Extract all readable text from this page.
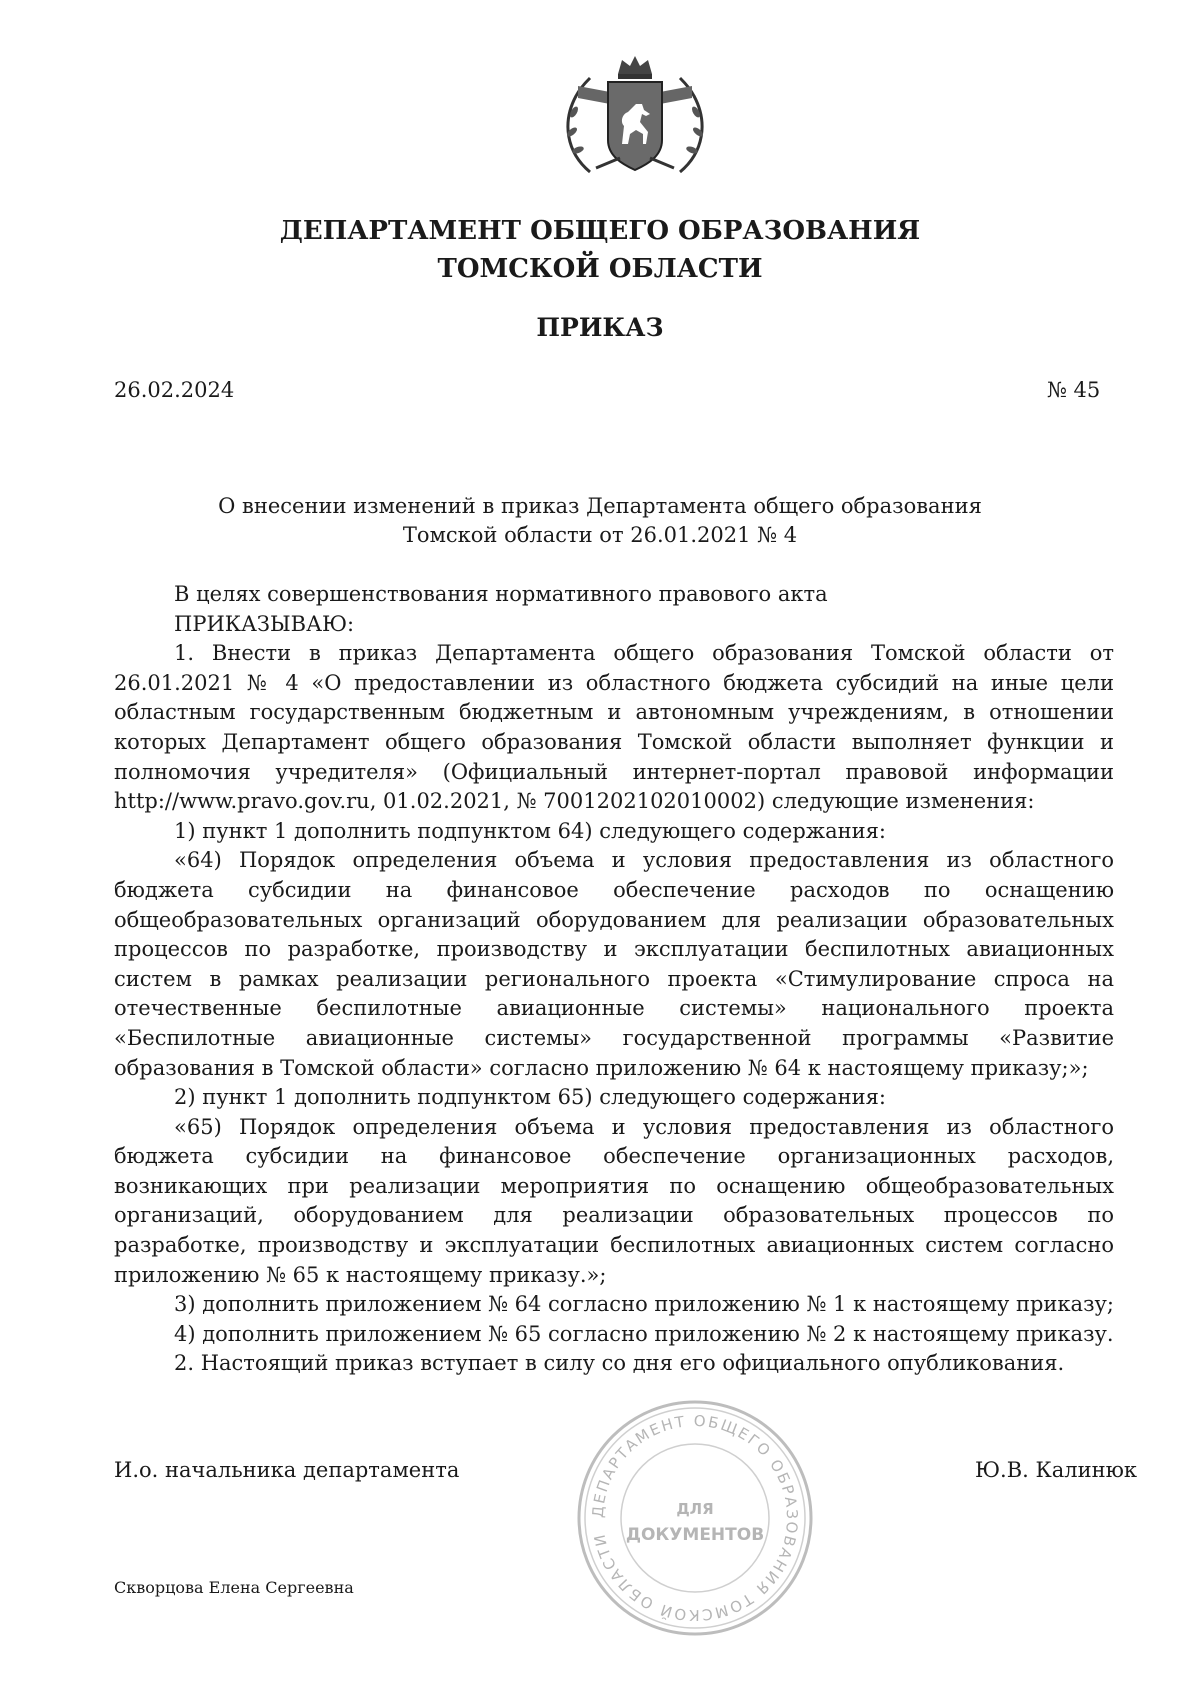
ДЕПАРТАМЕНТ ОБЩЕГО ОБРАЗОВАНИЯ
ТОМСКОЙ ОБЛАСТИ
ПРИКАЗ
26.02.2024	№ 45
О внесении изменений в приказ Департамента общего образования
Томской области от 26.01.2021 № 4

В целях совершенствования нормативного правового акта

ПРИКАЗЫВАЮ:

1. Внести в приказ Департамента общего образования Томской области от 26.01.2021 № 4 «О предоставлении из областного бюджета субсидий на иные цели областным государственным бюджетным и автономным учреждениям, в отношении которых Департамент общего образования Томской области выполняет функции и полномочия учредителя» (Официальный интернет-портал правовой информации http://www.pravo.gov.ru, 01.02.2021, № 7001202102010002) следующие изменения:

1) пункт 1 дополнить подпунктом 64) следующего содержания:

«64) Порядок определения объема и условия предоставления из областного бюджета субсидии на финансовое обеспечение расходов по оснащению общеобразовательных организаций оборудованием для реализации образовательных процессов по разработке, производству и эксплуатации беспилотных авиационных систем в рамках реализации регионального проекта «Стимулирование спроса на отечественные беспилотные авиационные системы» национального проекта «Беспилотные авиационные системы» государственной программы «Развитие образования в Томской области» согласно приложению № 64 к настоящему приказу;»;

2) пункт 1 дополнить подпунктом 65) следующего содержания:

«65) Порядок определения объема и условия предоставления из областного бюджета субсидии на финансовое обеспечение организационных расходов, возникающих при реализации мероприятия по оснащению общеобразовательных организаций, оборудованием для реализации образовательных процессов по разработке, производству и эксплуатации беспилотных авиационных систем согласно приложению № 65 к настоящему приказу.»;

3) дополнить приложением № 64 согласно приложению № 1 к настоящему приказу;

4) дополнить приложением № 65 согласно приложению № 2 к настоящему приказу.

2. Настоящий приказ вступает в силу со дня его официального опубликования.

ДЕПАРТАМЕНТ ОБЩЕГО ОБРАЗОВАНИЯ ТОМСКОЙ ОБЛАСТИ
ДЛЯ
ДОКУМЕНТОВ
И.о. начальника департамента	Ю.В. Калинюк
Скворцова Елена Сергеевна
